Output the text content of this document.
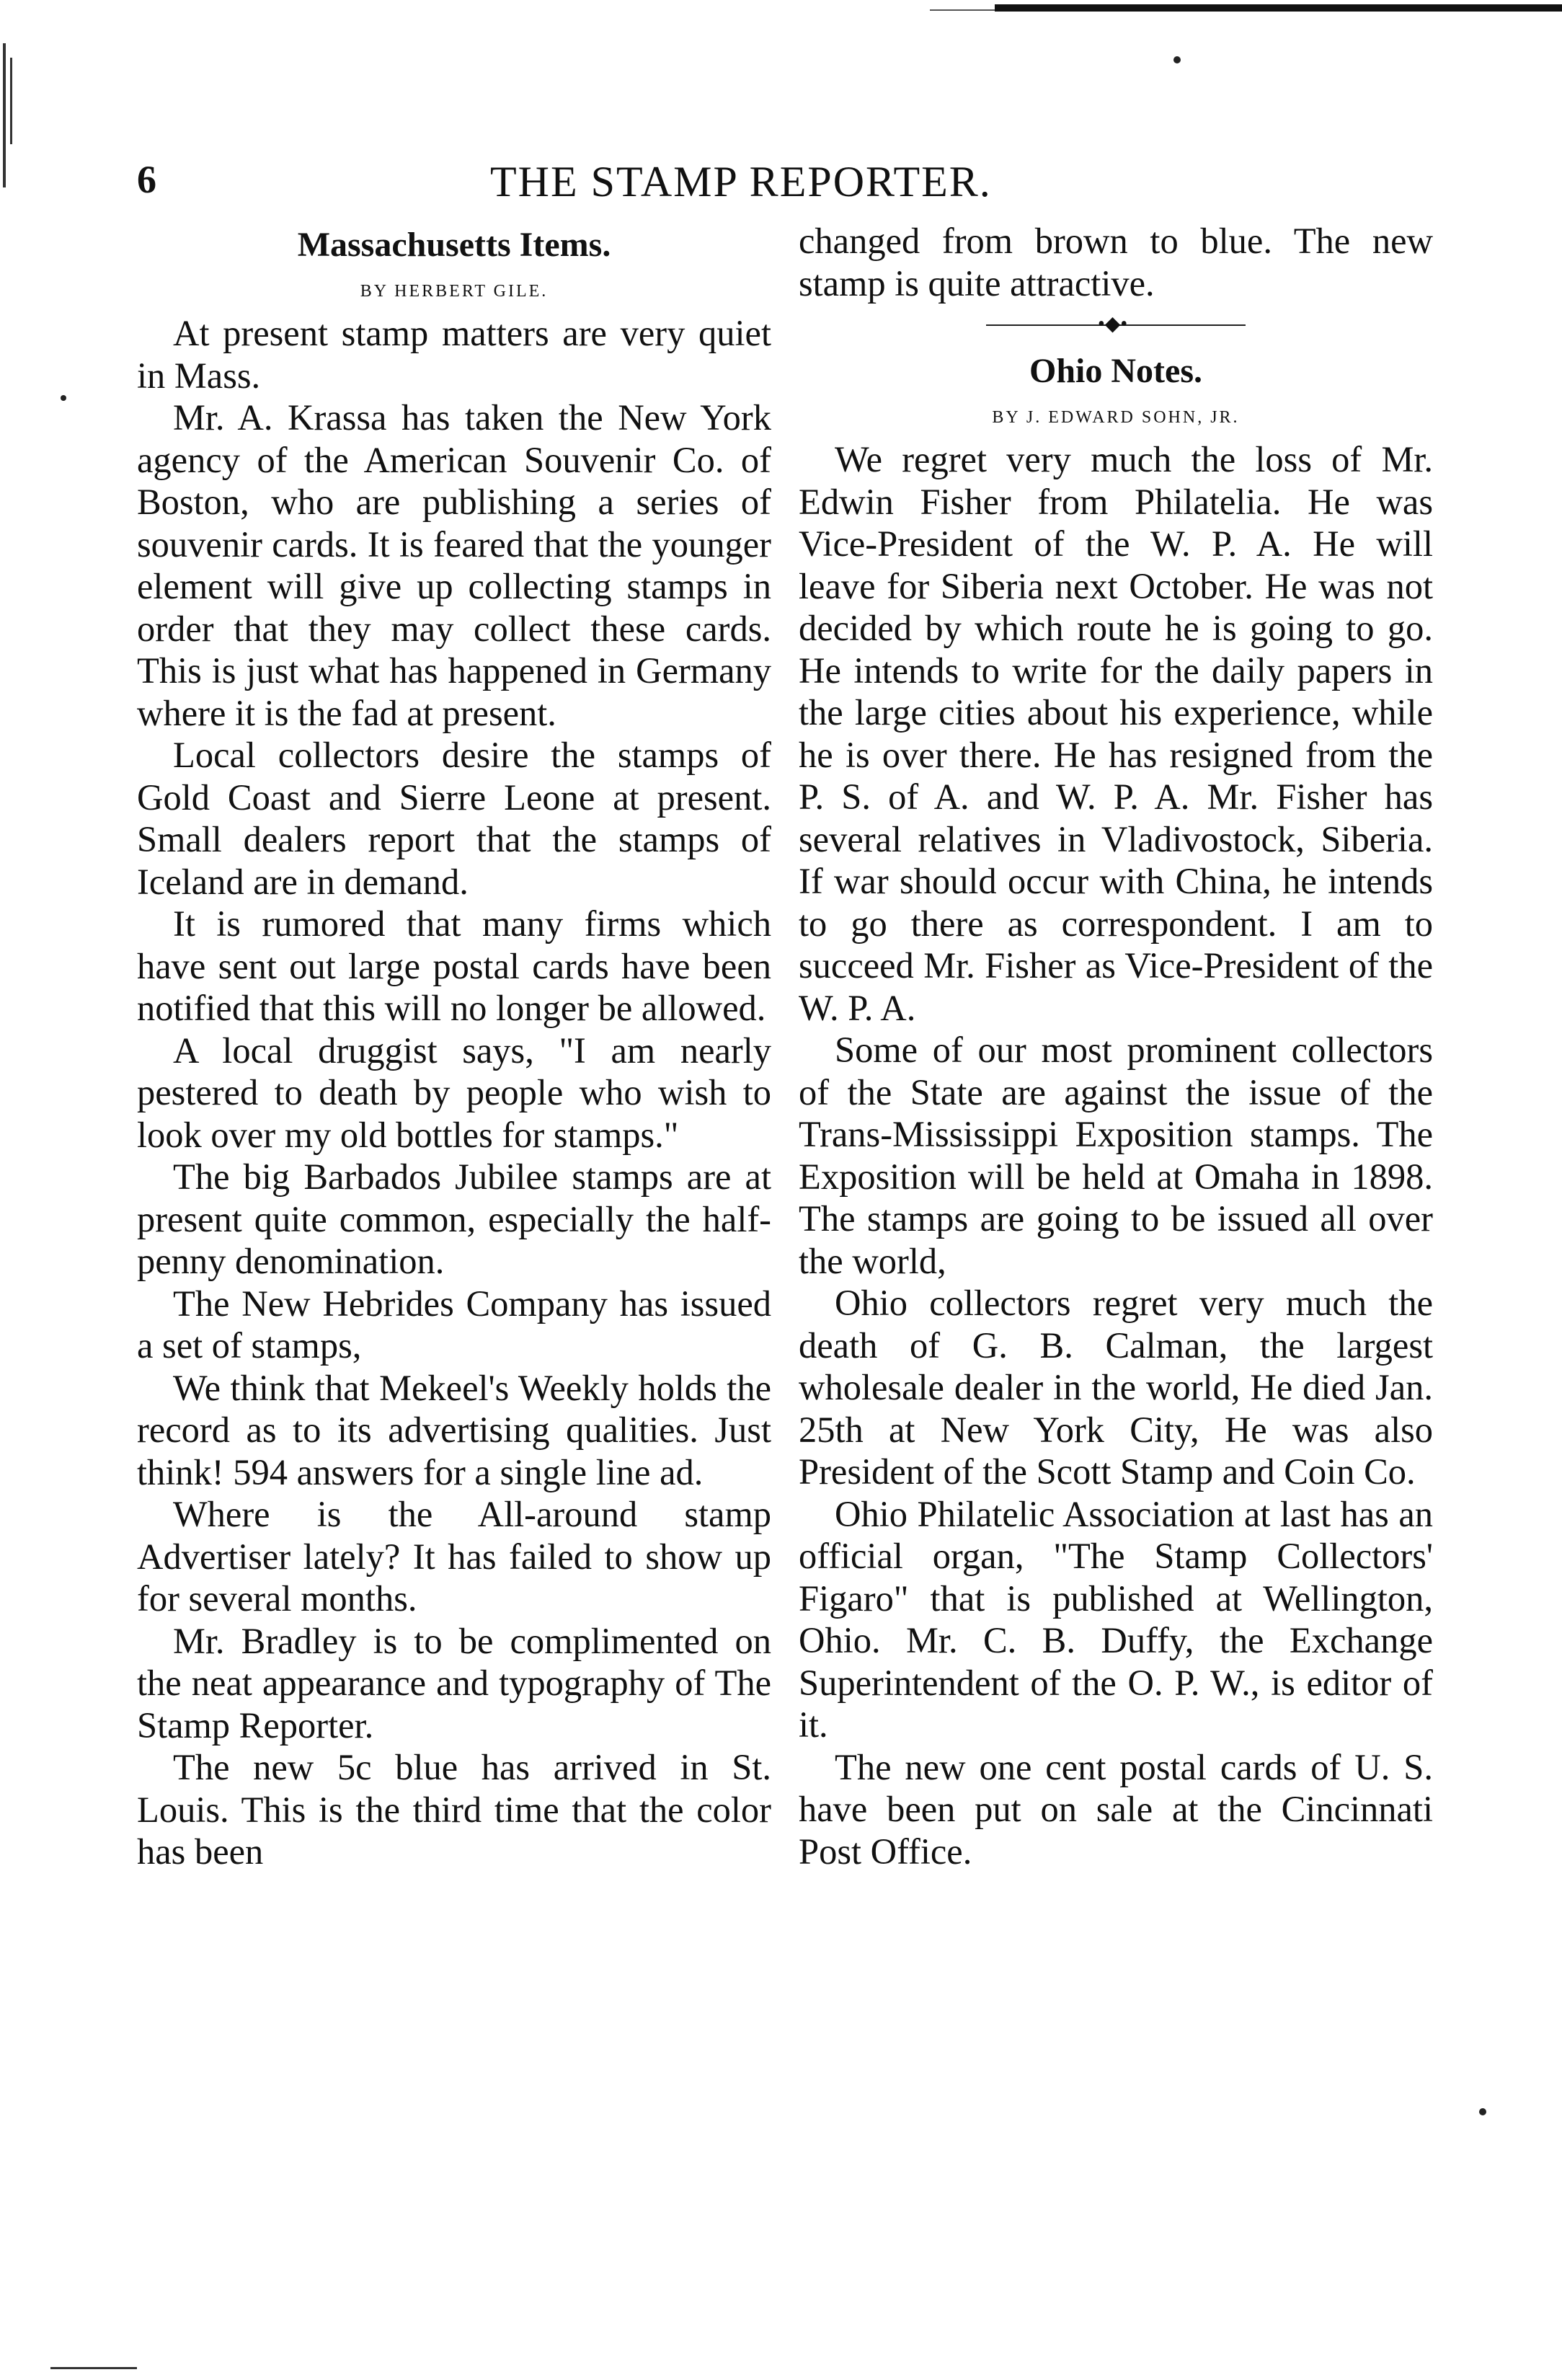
6	THE STAMP REPORTER.

Massachusetts Items.

BY HERBERT GILE.

At present stamp matters are very quiet in Mass.

Mr. A. Krassa has taken the New York agency of the American Souvenir Co. of Boston, who are publishing a series of souvenir cards. It is feared that the younger element will give up collecting stamps in order that they may collect these cards. This is just what has happened in Germany where it is the fad at present.

Local collectors desire the stamps of Gold Coast and Sierre Leone at present. Small dealers report that the stamps of Iceland are in demand.

It is rumored that many firms which have sent out large postal cards have been notified that this will no longer be allowed.

A local druggist says, "I am nearly pestered to death by people who wish to look over my old bottles for stamps."

The big Barbados Jubilee stamps are at present quite common, especially the half-penny denomination.

The New Hebrides Company has issued a set of stamps,

We think that Mekeel's Weekly holds the record as to its advertising qualities. Just think! 594 answers for a single line ad.

Where is the All-around stamp Advertiser lately? It has failed to show up for several months.

Mr. Bradley is to be complimented on the neat appearance and typography of The Stamp Reporter.

The new 5c blue has arrived in St. Louis. This is the third time that the color has been

changed from brown to blue. The new stamp is quite attractive.

•◆•

Ohio Notes.

BY J. EDWARD SOHN, JR.

We regret very much the loss of Mr. Edwin Fisher from Philatelia. He was Vice-President of the W. P. A. He will leave for Siberia next October. He was not decided by which route he is going to go. He intends to write for the daily papers in the large cities about his experience, while he is over there. He has resigned from the P. S. of A. and W. P. A. Mr. Fisher has several relatives in Vladivostock, Siberia. If war should occur with China, he intends to go there as correspondent. I am to succeed Mr. Fisher as Vice-President of the W. P. A.

Some of our most prominent collectors of the State are against the issue of the Trans-Mississippi Exposition stamps. The Exposition will be held at Omaha in 1898. The stamps are going to be issued all over the world,

Ohio collectors regret very much the death of G. B. Calman, the largest wholesale dealer in the world, He died Jan. 25th at New York City, He was also President of the Scott Stamp and Coin Co.

Ohio Philatelic Association at last has an official organ, "The Stamp Collectors' Figaro" that is published at Wellington, Ohio. Mr. C. B. Duffy, the Exchange Superintendent of the O. P. W., is editor of it.

The new one cent postal cards of U. S. have been put on sale at the Cincinnati Post Office.
